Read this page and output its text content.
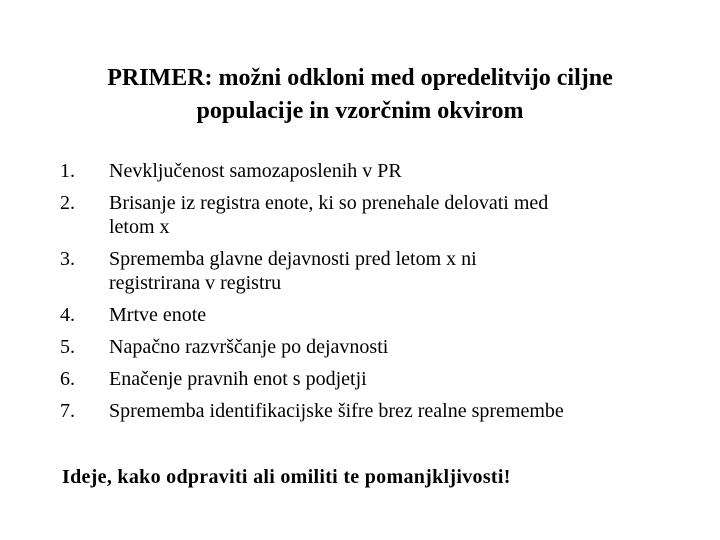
PRIMER: možni odkloni med opredelitvijo ciljne
populacije in vzorčnim okvirom
1. Nevključenost samozaposlenih v PR
2. Brisanje iz registra enote, ki so prenehale delovati med
letom x
3. Sprememba glavne dejavnosti pred letom x ni
registrirana v registru
4. Mrtve enote
5. Napačno razvrščanje po dejavnosti
6. Enačenje pravnih enot s podjetji
7. Sprememba identifikacijske šifre brez realne spremembe
Ideje, kako odpraviti ali omiliti te pomanjkljivosti!
